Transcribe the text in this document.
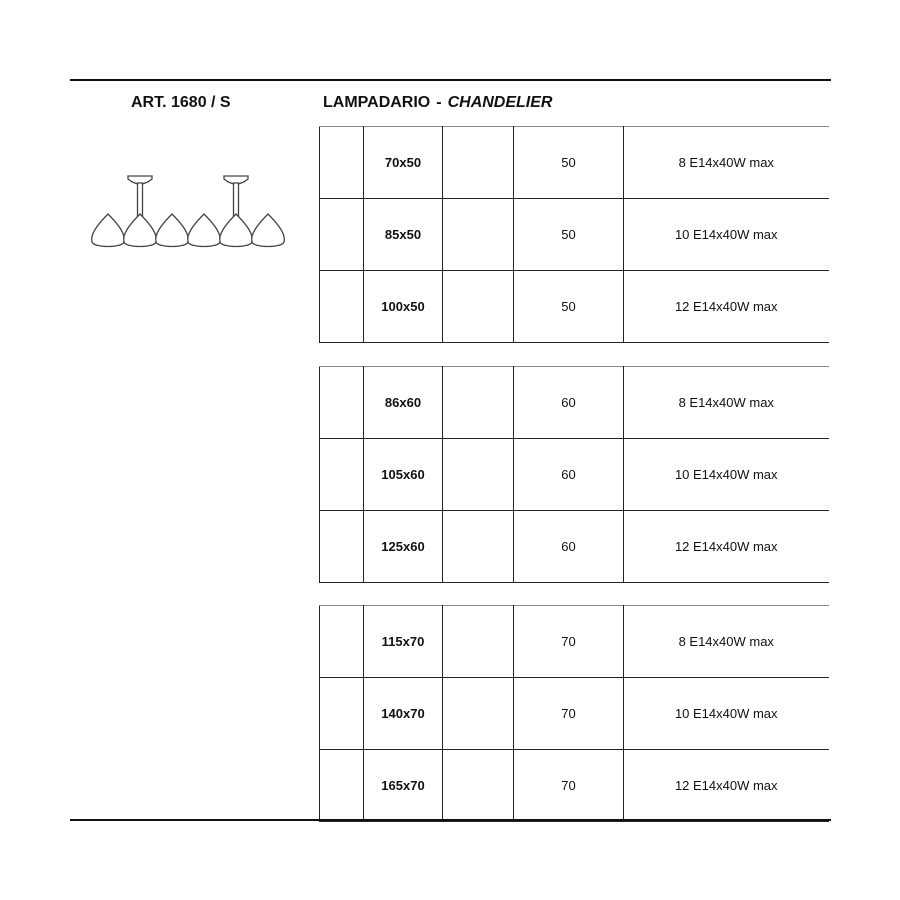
ART. 1680 / S	LAMPADARIO - CHANDELIER
	70x50		50	8 E14x40W max
	85x50		50	10 E14x40W max
	100x50		50	12 E14x40W max
	86x60		60	8 E14x40W max
	105x60		60	10 E14x40W max
	125x60		60	12 E14x40W max
	115x70		70	8 E14x40W max
	140x70		70	10 E14x40W max
	165x70		70	12 E14x40W max
